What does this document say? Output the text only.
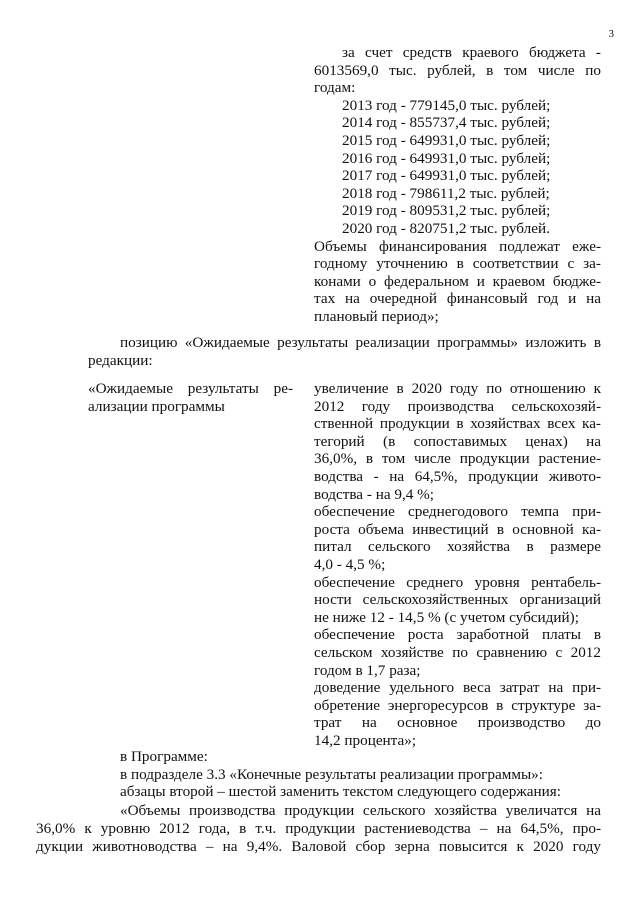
3
за счет средств краевого бюджета -
6013569,0 тыс. рублей, в том числе по
годам:
2013 год - 779145,0 тыс. рублей;
2014 год - 855737,4 тыс. рублей;
2015 год - 649931,0 тыс. рублей;
2016 год - 649931,0 тыс. рублей;
2017 год - 649931,0 тыс. рублей;
2018 год - 798611,2 тыс. рублей;
2019 год - 809531,2 тыс. рублей;
2020 год - 820751,2 тыс. рублей.
Объемы финансирования подлежат еже-
годному уточнению в соответствии с за-
конами о федеральном и краевом бюдже-
тах на очередной финансовый год и на
плановый период»;
позицию «Ожидаемые результаты реализации программы» изложить в
редакции:
«Ожидаемые результаты ре-
ализации программы
увеличение в 2020 году по отношению к
2012 году производства сельскохозяй-
ственной продукции в хозяйствах всех ка-
тегорий (в сопоставимых ценах) на
36,0%, в том числе продукции растение-
водства - на 64,5%, продукции живото-
водства - на 9,4 %;
обеспечение среднегодового темпа при-
роста объема инвестиций в основной ка-
питал сельского хозяйства в размере
4,0 - 4,5 %;
обеспечение среднего уровня рентабель-
ности сельскохозяйственных организаций
не ниже 12 - 14,5 % (с учетом субсидий);
обеспечение роста заработной платы в
сельском хозяйстве по сравнению с 2012
годом в 1,7 раза;
доведение удельного веса затрат на при-
обретение энергоресурсов в структуре за-
трат на основное производство до
14,2 процента»;
в Программе:
в подразделе 3.3 «Конечные результаты реализации программы»:
абзацы второй – шестой заменить текстом следующего содержания:
«Объемы производства продукции сельского хозяйства увеличатся на
36,0% к уровню 2012 года, в т.ч. продукции растениеводства – на 64,5%, про-
дукции животноводства – на 9,4%. Валовой сбор зерна повысится к 2020 году
